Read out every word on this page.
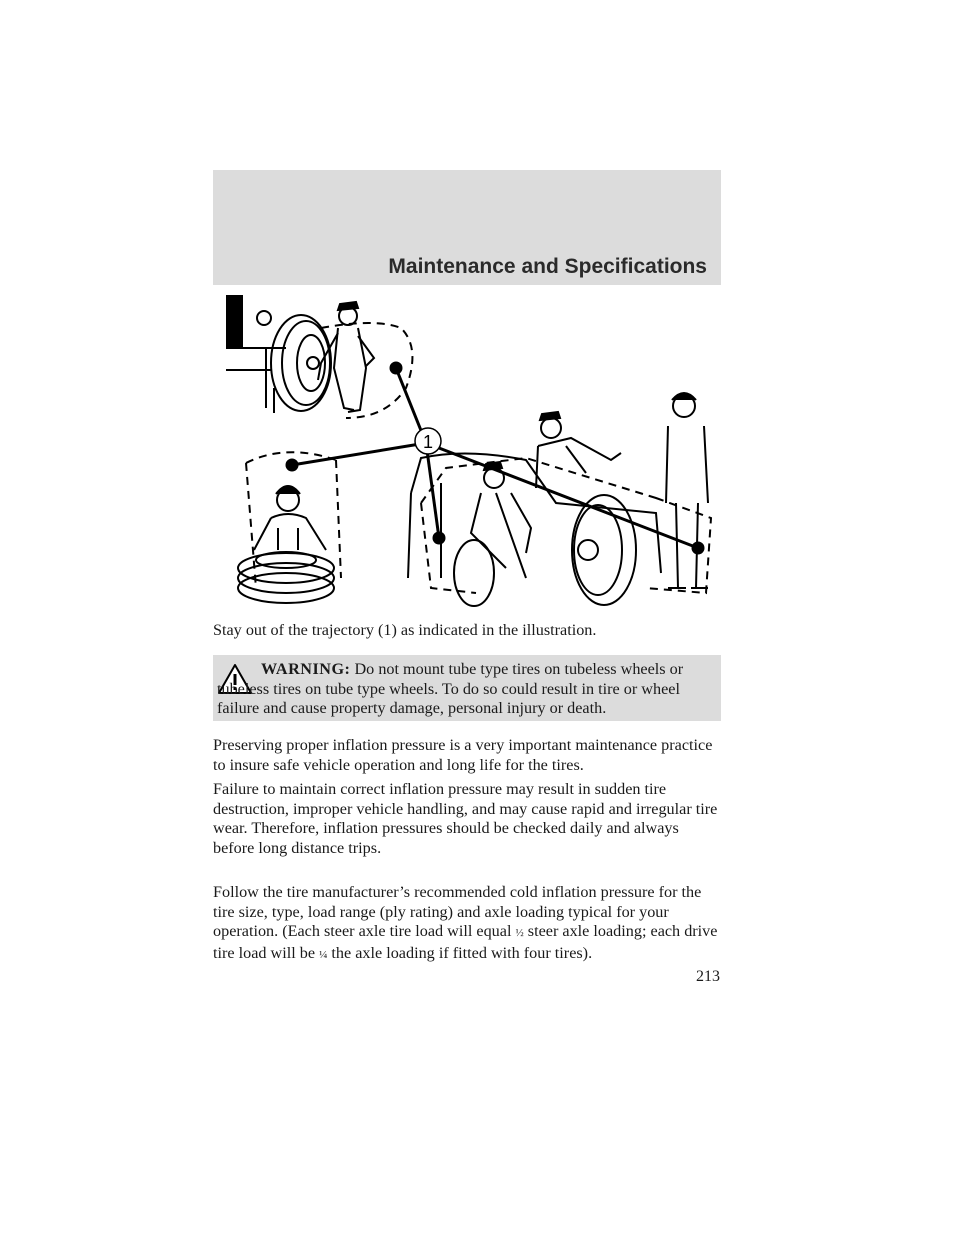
Maintenance and Specifications
1
Stay out of the trajectory (1) as indicated in the illustration.
WARNING: Do not mount tube type tires on tubeless wheels or tubeless tires on tube type wheels. To do so could result in tire or wheel failure and cause property damage, personal injury or death.
Preserving proper inflation pressure is a very important maintenance practice to insure safe vehicle operation and long life for the tires.
Failure to maintain correct inflation pressure may result in sudden tire destruction, improper vehicle handling, and may cause rapid and irregular tire wear. Therefore, inflation pressures should be checked daily and always before long distance trips.
Follow the tire manufacturer’s recommended cold inflation pressure for the tire size, type, load range (ply rating) and axle loading typical for your operation. (Each steer axle tire load will equal ½ steer axle loading; each drive tire load will be ¼ the axle loading if fitted with four tires).
213
